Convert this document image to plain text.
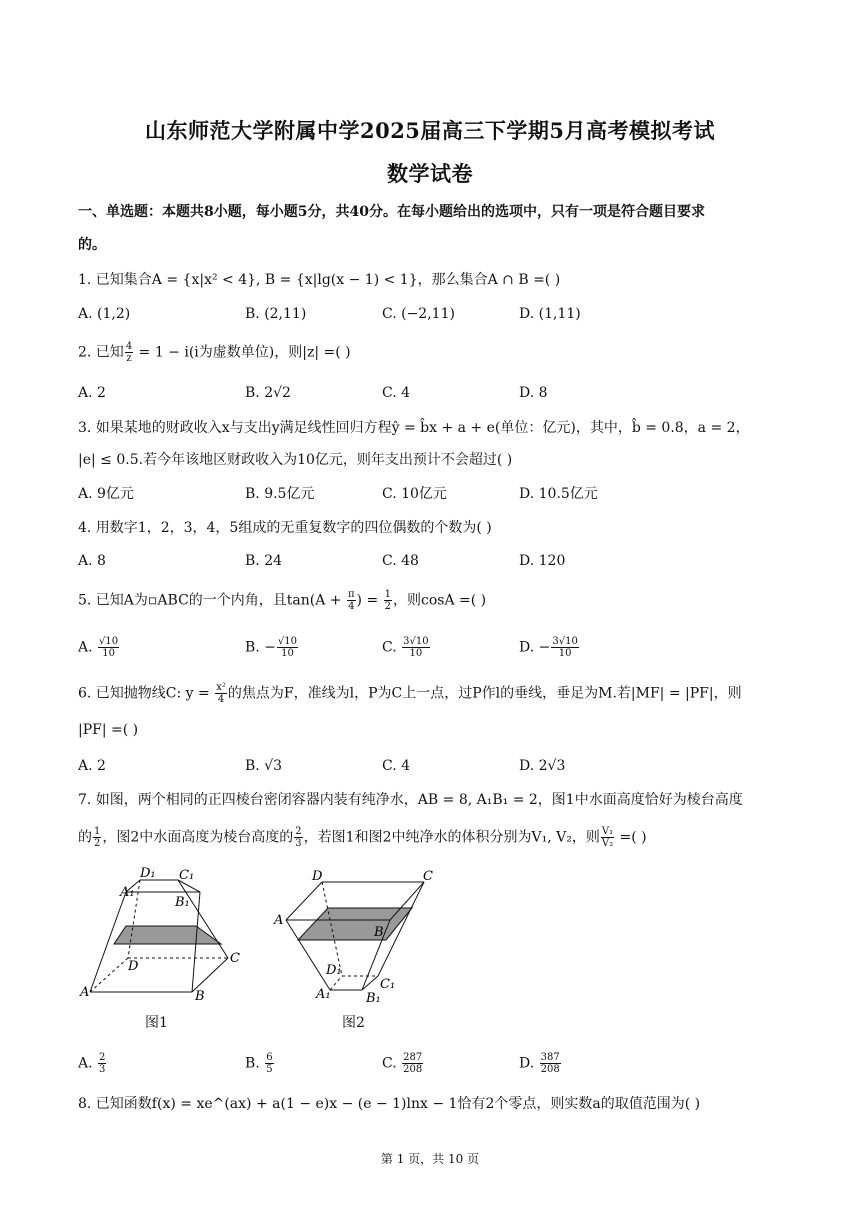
山东师范大学附属中学2025届高三下学期5月高考模拟考试
数学试卷
一、单选题：本题共8小题，每小题5分，共40分。在每小题给出的选项中，只有一项是符合题目要求
的。
1. 已知集合A = {x|x² < 4}, B = {x|lg(x − 1) < 1}，那么集合A ∩ B =( )
A. (1,2)	B. (2,11)	C. (−2,11)	D. (1,11)
2. 已知 $\frac{4}{z} = 1 - i(i$为虚数单位)，则|z| =( )
A. 2	B. 2√2	C. 4	D. 8
3. 如果某地的财政收入x与支出y满足线性回归方程ŷ = b̂x + a + e(单位：亿元)，其中，b̂ = 0.8，a = 2，
|e| ≤ 0.5.若今年该地区财政收入为10亿元，则年支出预计不会超过( )
A. 9亿元	B. 9.5亿元	C. 10亿元	D. 10.5亿元
4. 用数字1，2，3，4，5组成的无重复数字的四位偶数的个数为( )
A. 8	B. 24	C. 48	D. 120
5. 已知A为▫ABC的一个内角，且$\tan(A + \frac{\pi}{4}$ ) = $\frac{1}{2}$ ，则cosA =( )
A. $\frac{√10}{10}$	B. − $\frac{√10}{10}$	C. $\frac{3√10}{10}$	D. − $\frac{3√10}{10}$
6. 已知抛物线C: $y = \frac{\text{x²}}{4}$ 的焦点为F，准线为l，P为C上一点，过P作l的垂线，垂足为M.若|MF| = |PF|，则
|PF| =( )
A. 2	B. √3	C. 4	D. 2√3
7. 如图，两个相同的正四棱台密闭容器内装有纯净水，AB = 8, A₁B₁ = 2，图1中水面高度恰好为棱台高度
的 $\frac{1}{2}$ ，图2中水面高度为棱台高度的 $\frac{2}{3}$ ，若图1和图2中纯净水的体积分别为V₁, V₂，则 $\frac{\text{V₁}}{\text{V₂}}$ =( )
D₁ C₁
A₁
B₁
D
C
A	B
图1
D	C
A
B
D₁
C₁
A₁	B₁
图2
A. $\frac{2}{3}$	B. $\frac{6}{5}$	C. $\frac{287}{208}$	D. $\frac{387}{208}$
8. 已知函数f(x) = xe^(ax) + a(1 − e)x − (e − 1)lnx − 1恰有2个零点，则实数a的取值范围为( )
第 1 页，共 10 页
